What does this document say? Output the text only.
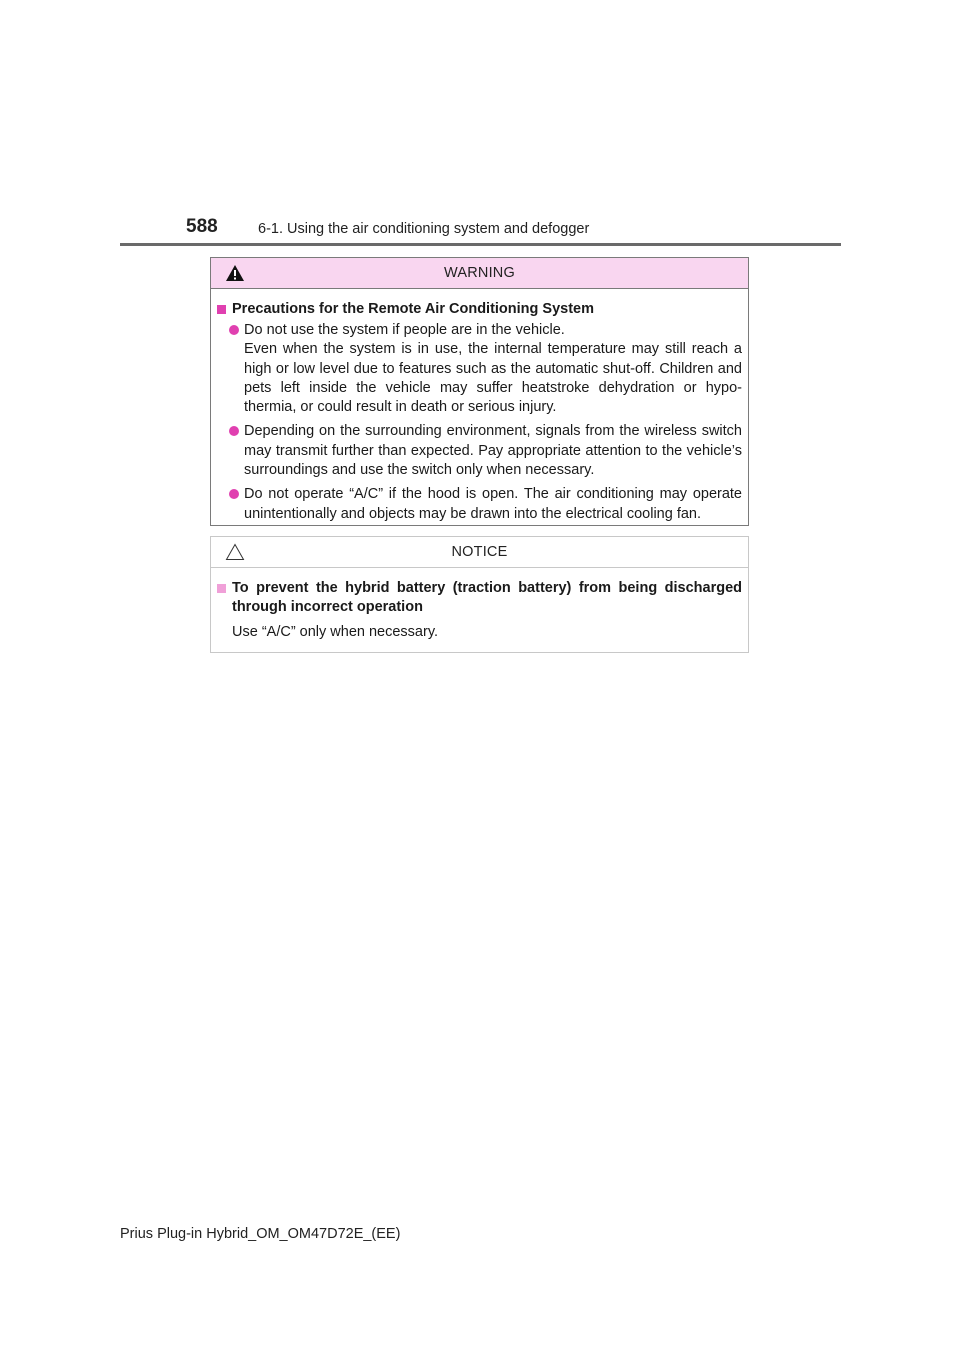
588	6-1. Using the air conditioning system and defogger
WARNING
Precautions for the Remote Air Conditioning System

Do not use the system if people are in the vehicle.

Even when the system is in use, the internal temperature may still reach a high or low level due to features such as the automatic shut-off. Children and pets left inside the vehicle may suffer heatstroke dehydration or hypo-thermia, or could result in death or serious injury.

Depending on the surrounding environment, signals from the wireless switch may transmit further than expected. Pay appropriate attention to the vehicle’s surroundings and use the switch only when necessary.

Do not operate “A/C” if the hood is open. The air conditioning may operate unintentionally and objects may be drawn into the electrical cooling fan.

NOTICE
To prevent the hybrid battery (traction battery) from being discharged through incorrect operation
Use “A/C” only when necessary.
Prius Plug-in Hybrid_OM_OM47D72E_(EE)
